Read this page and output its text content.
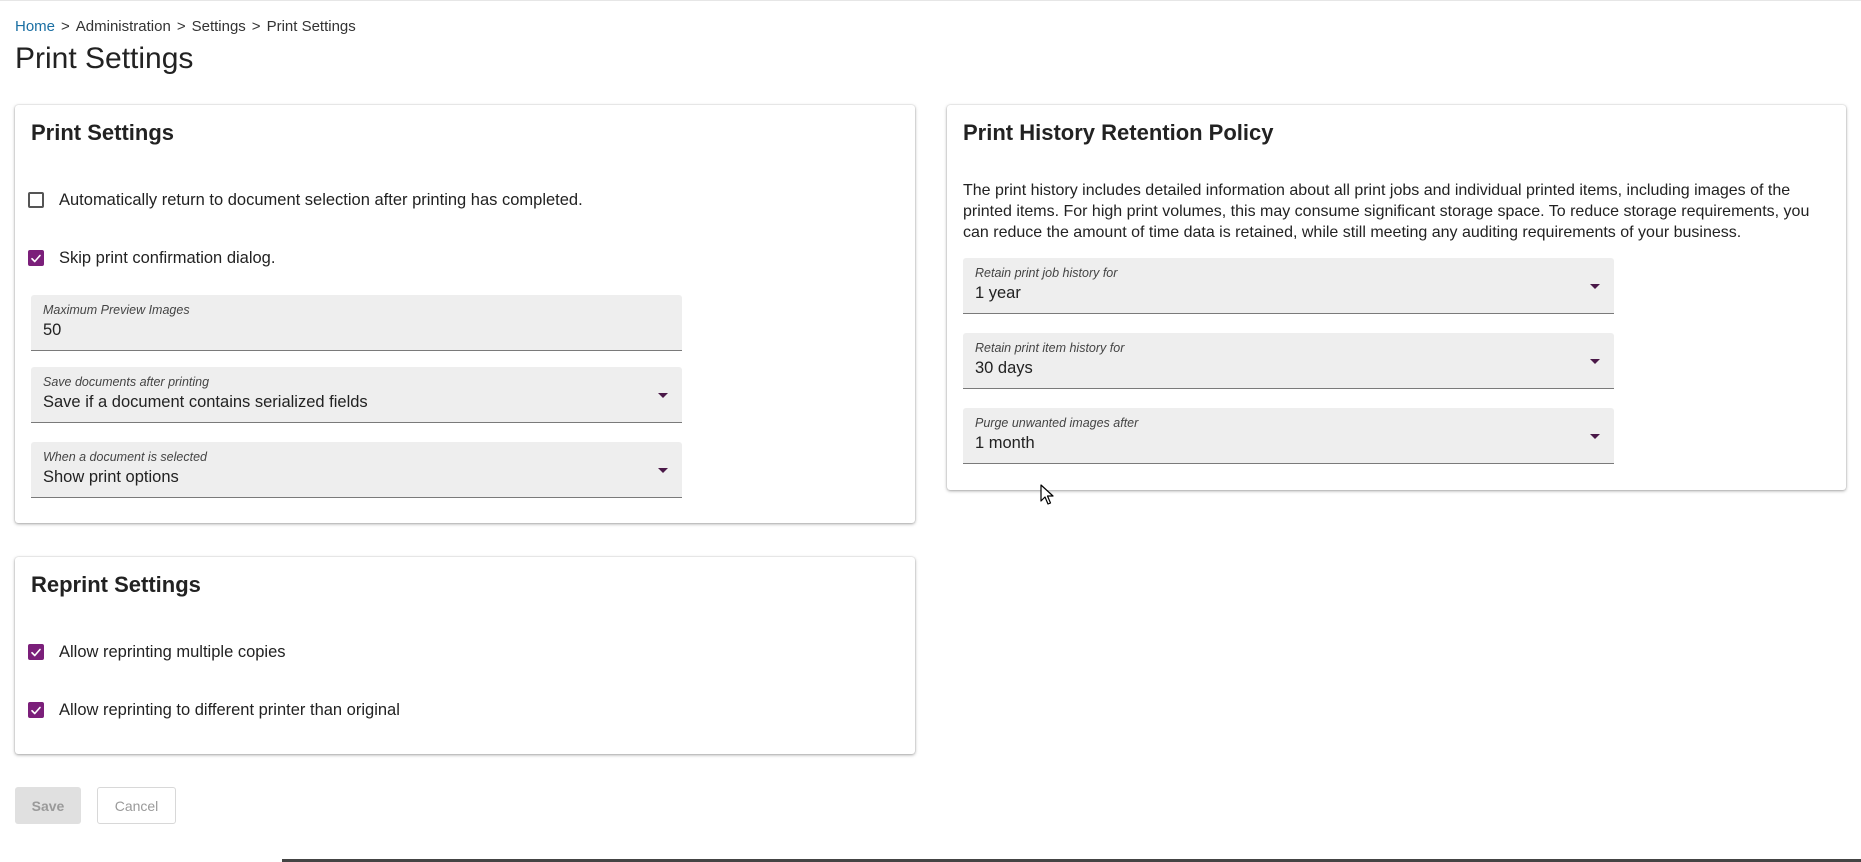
Home > Administration > Settings > Print Settings
Print Settings
Print Settings
Automatically return to document selection after printing has completed.
Skip print confirmation dialog.
Maximum Preview Images
50
Save documents after printing
Save if a document contains serialized fields
When a document is selected
Show print options
Reprint Settings
Allow reprinting multiple copies
Allow reprinting to different printer than original
Print History Retention Policy

The print history includes detailed information about all print jobs and individual printed items, including images of the printed items. For high print volumes, this may consume significant storage space. To reduce storage requirements, you can reduce the amount of time data is retained, while still meeting any auditing requirements of your business.

Retain print job history for
1 year
Retain print item history for
30 days
Purge unwanted images after
1 month
Save	Cancel
